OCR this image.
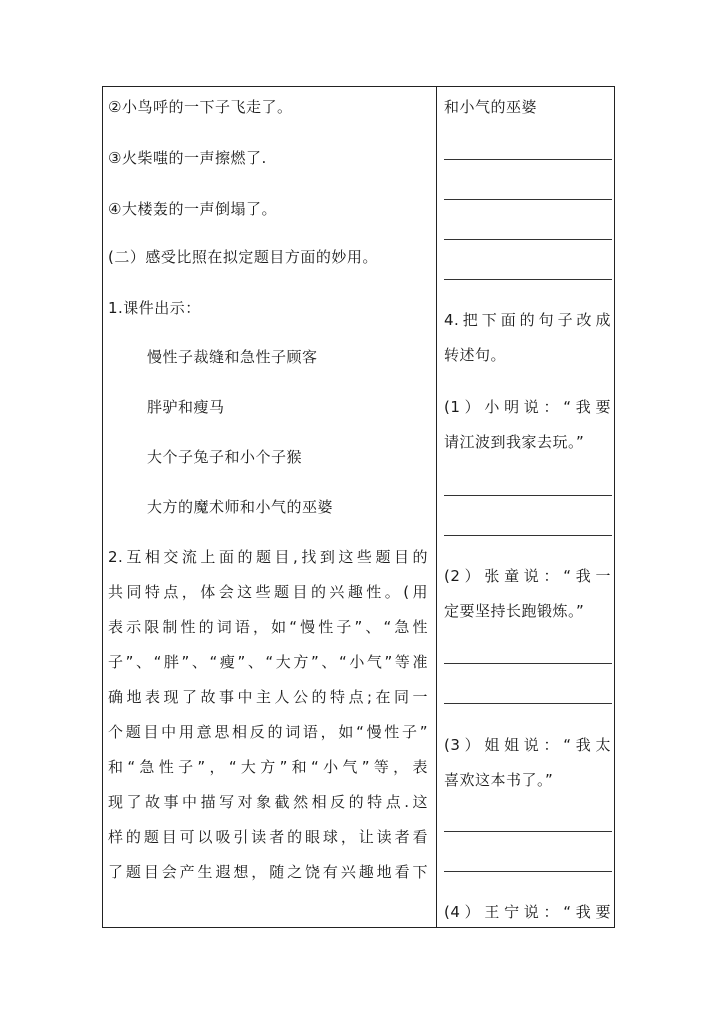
②小鸟呼的一下子飞走了。
③火柴嗤的一声擦燃了.
④大楼轰的一声倒塌了。
(二）感受比照在拟定题目方面的妙用。
1.课件出示：
慢性子裁缝和急性子顾客
胖驴和瘦马
大个子兔子和小个子猴
大方的魔术师和小气的巫婆
2.互相交流上面的题目,找到这些题目的
共同特点，体会这些题目的兴趣性。(用
表示限制性的词语，如“慢性子”、“急性
子”、“胖”、“瘦”、“大方”、“小气”等准
确地表现了故事中主人公的特点;在同一
个题目中用意思相反的词语，如“慢性子”
和“急性子”，“大方”和“小气”等，表
现了故事中描写对象截然相反的特点.这
样的题目可以吸引读者的眼球，让读者看
了题目会产生遐想，随之饶有兴趣地看下
和小气的巫婆
4.把下面的句子改成
转述句。
(1）小明说：“我要
请江波到我家去玩。”
(2）张童说：“我一
定要坚持长跑锻炼。”
(3）姐姐说：“我太
喜欢这本书了。”
(4）王宁说：“我要
